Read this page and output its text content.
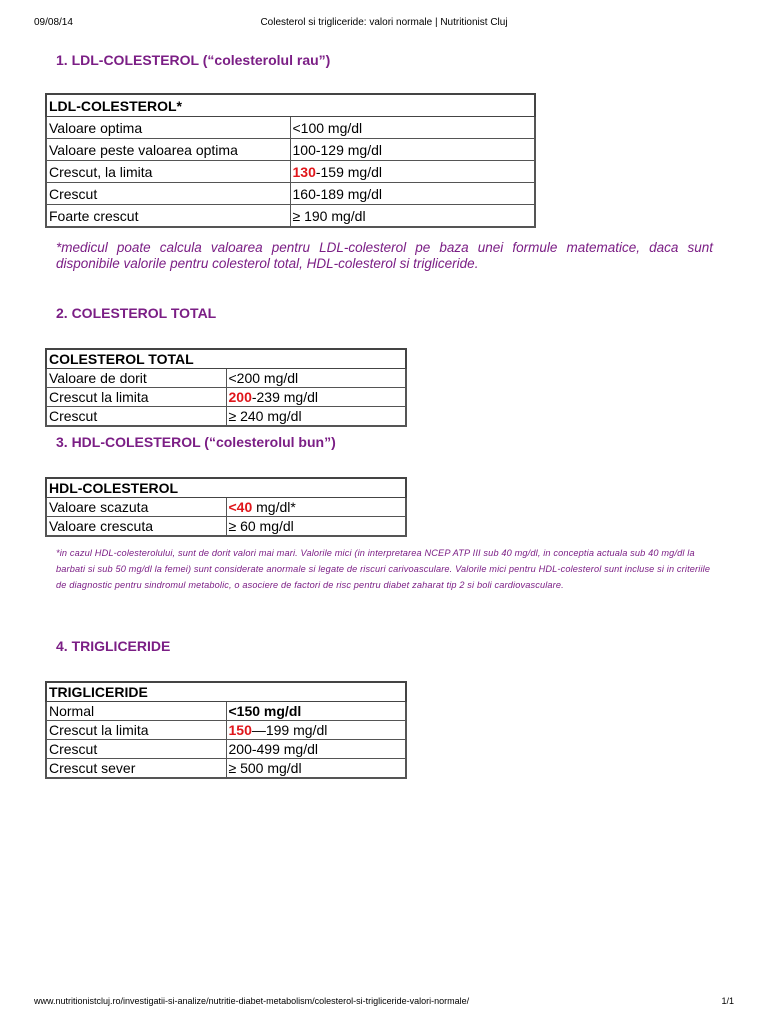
09/08/14	Colesterol si trigliceride: valori normale | Nutritionist Cluj
1. LDL-COLESTEROL (“colesterolul rau”)
LDL-COLESTEROL*	
Valoare optima	<100 mg/dl
Valoare peste valoarea optima	100-129 mg/dl
Crescut, la limita	130-159 mg/dl
Crescut	160-189 mg/dl
Foarte crescut	≥ 190 mg/dl

*medicul poate calcula valoarea pentru LDL-colesterol pe baza unei formule matematice, daca sunt disponibile valorile pentru colesterol total, HDL-colesterol si trigliceride.

2. COLESTEROL TOTAL
COLESTEROL TOTAL	
Valoare de dorit	<200 mg/dl
Crescut la limita	200-239 mg/dl
Crescut	≥ 240 mg/dl
3. HDL-COLESTEROL (“colesterolul bun”)
HDL-COLESTEROL	
Valoare scazuta	<40 mg/dl*
Valoare crescuta	≥ 60 mg/dl

*in cazul HDL-colesterolului, sunt de dorit valori mai mari. Valorile mici (in interpretarea NCEP ATP III sub 40 mg/dl, in conceptia actuala sub 40 mg/dl la barbati si sub 50 mg/dl la femei) sunt considerate anormale si legate de riscuri carivoasculare. Valorile mici pentru HDL-colesterol sunt incluse si in criteriile de diagnostic pentru sindromul metabolic, o asociere de factori de risc pentru diabet zaharat tip 2 si boli cardiovasculare.

4. TRIGLICERIDE
TRIGLICERIDE	
Normal	<150 mg/dl
Crescut la limita	150—199 mg/dl
Crescut	200-499 mg/dl
Crescut sever	≥ 500 mg/dl
www.nutritionistcluj.ro/investigatii-si-analize/nutritie-diabet-metabolism/colesterol-si-trigliceride-valori-normale/	1/1
